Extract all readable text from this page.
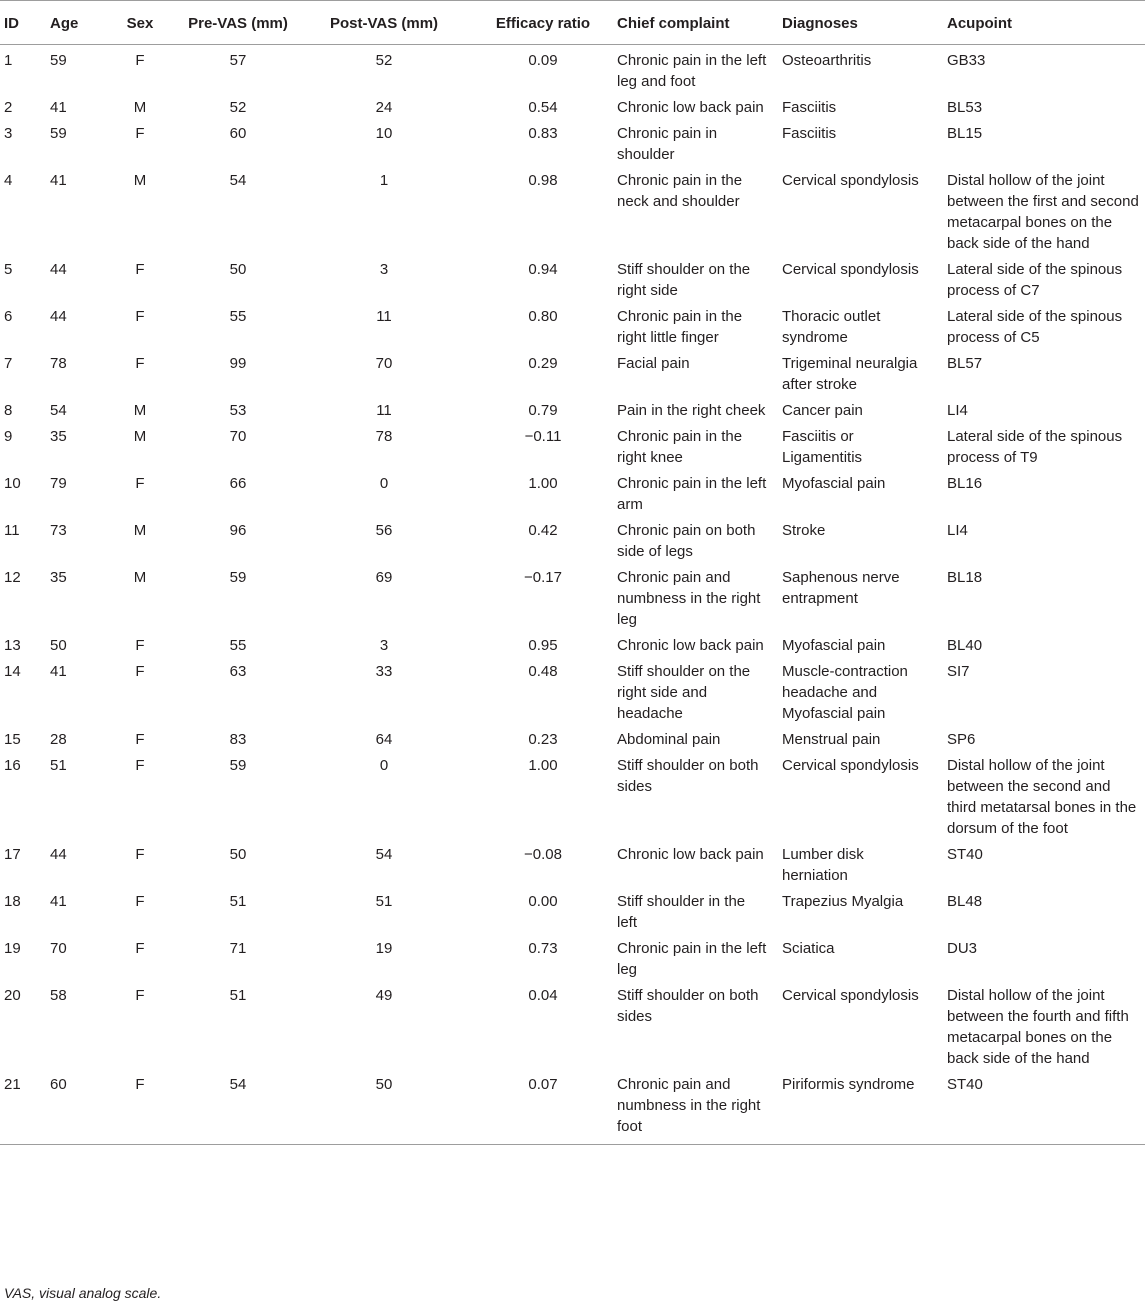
ID	Age	Sex	Pre-VAS (mm)	Post-VAS (mm)	Efficacy ratio	Chief complaint	Diagnoses	Acupoint
1	59	F	57	52	0.09	Chronic pain in the left leg and foot	Osteoarthritis	GB33
2	41	M	52	24	0.54	Chronic low back pain	Fasciitis	BL53
3	59	F	60	10	0.83	Chronic pain in shoulder	Fasciitis	BL15
4	41	M	54	1	0.98	Chronic pain in the neck and shoulder	Cervical spondylosis	Distal hollow of the joint between the first and second metacarpal bones on the back side of the hand
5	44	F	50	3	0.94	Stiff shoulder on the right side	Cervical spondylosis	Lateral side of the spinous process of C7
6	44	F	55	11	0.80	Chronic pain in the right little finger	Thoracic outlet syndrome	Lateral side of the spinous process of C5
7	78	F	99	70	0.29	Facial pain	Trigeminal neuralgia after stroke	BL57
8	54	M	53	11	0.79	Pain in the right cheek	Cancer pain	LI4
9	35	M	70	78	−0.11	Chronic pain in the right knee	Fasciitis or Ligamentitis	Lateral side of the spinous process of T9
10	79	F	66	0	1.00	Chronic pain in the left arm	Myofascial pain	BL16
11	73	M	96	56	0.42	Chronic pain on both side of legs	Stroke	LI4
12	35	M	59	69	−0.17	Chronic pain and numbness in the right leg	Saphenous nerve entrapment	BL18
13	50	F	55	3	0.95	Chronic low back pain	Myofascial pain	BL40
14	41	F	63	33	0.48	Stiff shoulder on the right side and headache	Muscle-contraction headache and Myofascial pain	SI7
15	28	F	83	64	0.23	Abdominal pain	Menstrual pain	SP6
16	51	F	59	0	1.00	Stiff shoulder on both sides	Cervical spondylosis	Distal hollow of the joint between the second and third metatarsal bones in the dorsum of the foot
17	44	F	50	54	−0.08	Chronic low back pain	Lumber disk herniation	ST40
18	41	F	51	51	0.00	Stiff shoulder in the left	Trapezius Myalgia	BL48
19	70	F	71	19	0.73	Chronic pain in the left leg	Sciatica	DU3
20	58	F	51	49	0.04	Stiff shoulder on both sides	Cervical spondylosis	Distal hollow of the joint between the fourth and fifth metacarpal bones on the back side of the hand
21	60	F	54	50	0.07	Chronic pain and numbness in the right foot	Piriformis syndrome	ST40
VAS, visual analog scale.
